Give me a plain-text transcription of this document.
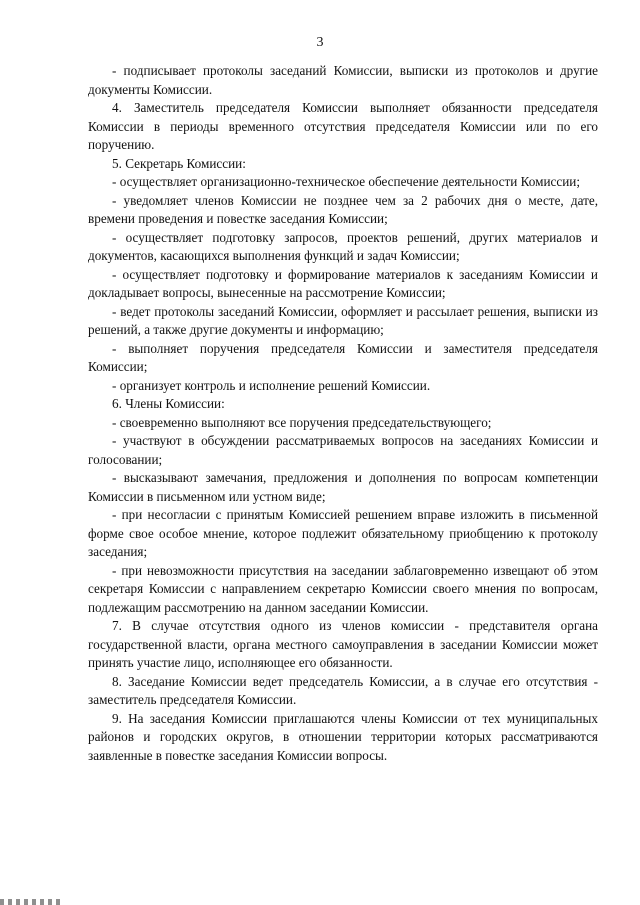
3

- подписывает протоколы заседаний Комиссии, выписки из протоколов и другие документы Комиссии.

4. Заместитель председателя Комиссии выполняет обязанности председателя Комиссии в периоды временного отсутствия председателя Комиссии или по его поручению.

5. Секретарь Комиссии:

- осуществляет организационно-техническое обеспечение деятельности Комиссии;

- уведомляет членов Комиссии не позднее чем за 2 рабочих дня о месте, дате, времени проведения и повестке заседания Комиссии;

- осуществляет подготовку запросов, проектов решений, других материалов и документов, касающихся выполнения функций и задач Комиссии;

- осуществляет подготовку и формирование материалов к заседаниям Комиссии и докладывает вопросы, вынесенные на рассмотрение Комиссии;

- ведет протоколы заседаний Комиссии, оформляет и рассылает решения, выписки из решений, а также другие документы и информацию;

- выполняет поручения председателя Комиссии и заместителя председателя Комиссии;

- организует контроль и исполнение решений Комиссии.

6. Члены Комиссии:

- своевременно выполняют все поручения председательствующего;

- участвуют в обсуждении рассматриваемых вопросов на заседаниях Комиссии и голосовании;

- высказывают замечания, предложения и дополнения по вопросам компетенции Комиссии в письменном или устном виде;

- при несогласии с принятым Комиссией решением вправе изложить в письменной форме свое особое мнение, которое подлежит обязательному приобщению к протоколу заседания;

- при невозможности присутствия на заседании заблаговременно извещают об этом секретаря Комиссии с направлением секретарю Комиссии своего мнения по вопросам, подлежащим рассмотрению на данном заседании Комиссии.

7. В случае отсутствия одного из членов комиссии - представителя органа государственной власти, органа местного самоуправления в заседании Комиссии может принять участие лицо, исполняющее его обязанности.

8. Заседание Комиссии ведет председатель Комиссии, а в случае его отсутствия - заместитель председателя Комиссии.

9. На заседания Комиссии приглашаются члены Комиссии от тех муниципальных районов и городских округов, в отношении территории которых рассматриваются заявленные в повестке заседания Комиссии вопросы.
